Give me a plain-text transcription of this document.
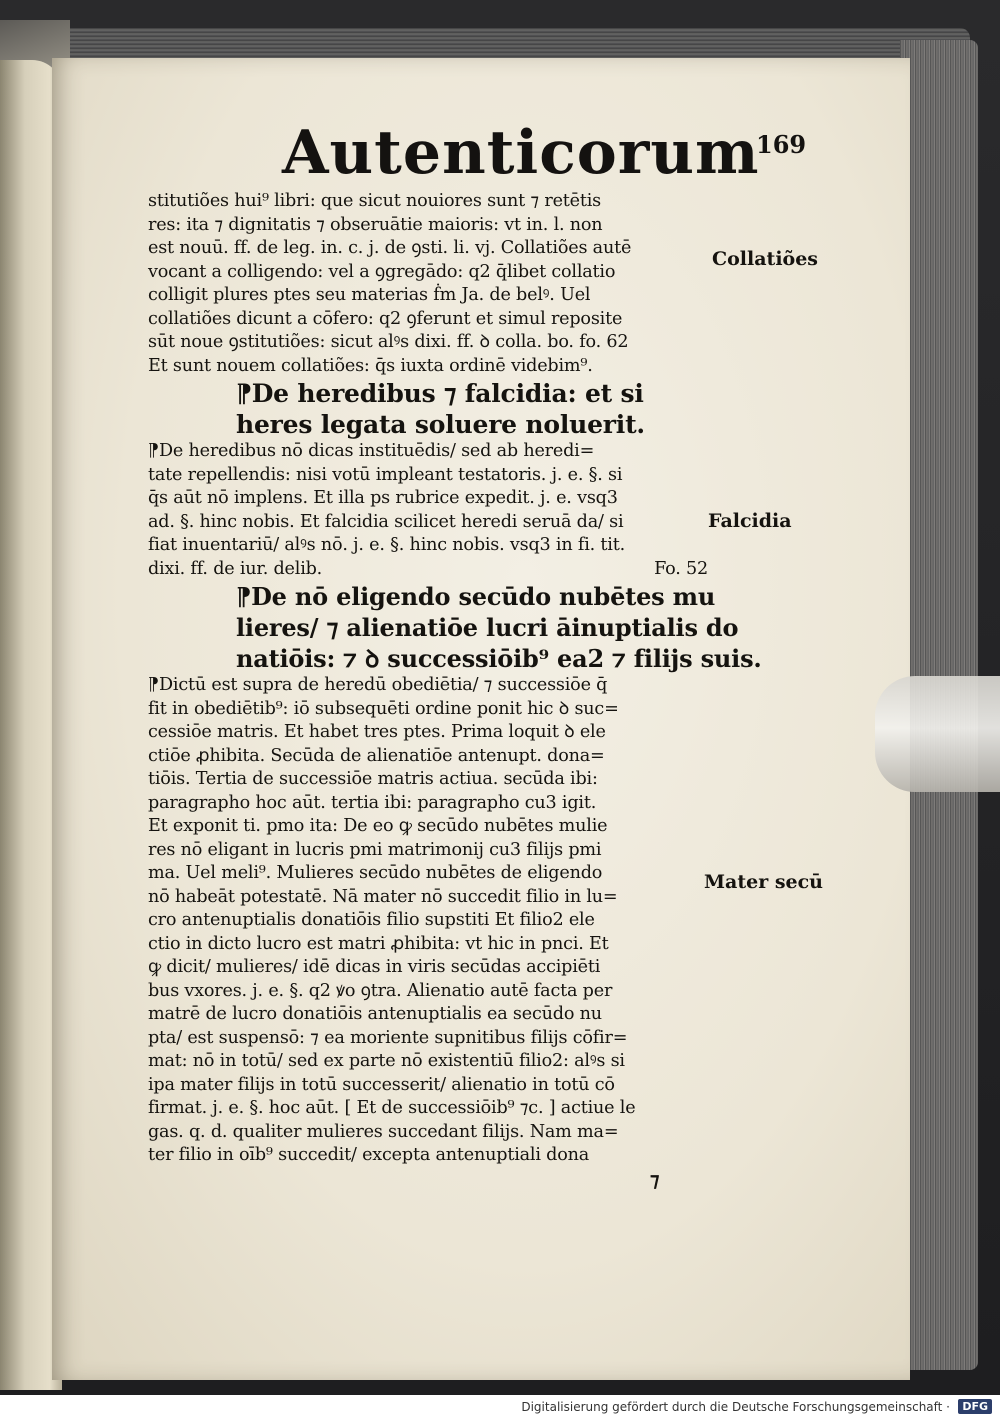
Autenticorum
169
stitutiões hui⁹ libri: que sicut nouiores sunt ⁊ retētis
res: ita ⁊ dignitatis ⁊ obseruātie maioris: vt in. l. non
est nouū. ff. de leg. in. c. j. de ꝯsti. li. vj. Collatiões autē
vocant a colligendo: vel a ꝯgregādo: q2 q̄libet collatio
colligit plures ptes seu materias ḟm Ja. de belꝰ. Uel
collatiões dicunt a cōfero: q2 ꝯferunt et simul reposite
sūt noue ꝯstitutiões: sicut alꝰs dixi. ff. ꝺ colla. bo. fo. 62
Et sunt nouem collatiões: q̄s iuxta ordinē videbim⁹.
⁋De heredibus ⁊ falcidia: et si
heres legata soluere noluerit.
⁋De heredibus nō dicas instituēdis/ sed ab heredi=
tate repellendis: nisi votū impleant testatoris. j. e. §. si
q̄s aūt nō implens. Et illa ps rubrice expedit. j. e. vsq3
ad. §. hinc nobis. Et falcidia scilicet heredi seruā da/ si
fiat inuentariū/ alꝰs nō. j. e. §. hinc nobis. vsq3 in fi. tit.
dixi. ff. de iur. delib.	Fo. 52
⁋De nō eligendo secūdo nubētes mu
lieres/ ⁊ alienatiōe lucri āinuptialis do
natiōis: ⁊ ꝺ successiōib⁹ ea2 ⁊ filijs suis.
⁋Dictū est supra de heredū obediētia/ ⁊ successiōe q̄
fit in obediētib⁹: iō subsequēti ordine ponit hic ꝺ suc=
cessiōe matris. Et habet tres ptes. Prima loquit ꝺ ele
ctiōe ꝓhibita. Secūda de alienatiōe antenupt. dona=
tiōis. Tertia de successiōe matris actiua. secūda ibi:
paragrapho hoc aūt. tertia ibi: paragrapho cu3 igit.
Et exponit ti. pmo ita: De eo ꝙ secūdo nubētes mulie
res nō eligant in lucris pmi matrimonij cu3 filijs pmi
ma. Uel meli⁹. Mulieres secūdo nubētes de eligendo
nō habeāt potestatē. Nā mater nō succedit filio in lu=
cro antenuptialis donatiōis filio supstiti Et filio2 ele
ctio in dicto lucro est matri ꝓhibita: vt hic in pnci. Et
ꝙ dicit/ mulieres/ idē dicas in viris secūdas accipiēti
bus vxores. j. e. §. q2 ꝟo ꝯtra. Alienatio autē facta per
matrē de lucro donatiōis antenuptialis ea secūdo nu
pta/ est suspensō: ⁊ ea moriente supnitibus filijs cōfir=
mat: nō in totū/ sed ex parte nō existentiū filio2: alꝰs si
ipa mater filijs in totū successerit/ alienatio in totū cō
firmat. j. e. §. hoc aūt. [ Et de successiōib⁹ ⁊c. ] actiue le
gas. q. d. qualiter mulieres succedant filijs. Nam ma=
ter filio in oīb⁹ succedit/ excepta antenuptiali dona
⁊
Collatiões
Falcidia
Mater secū
Digitalisierung gefördert durch die Deutsche Forschungsgemeinschaft ·	DFG
